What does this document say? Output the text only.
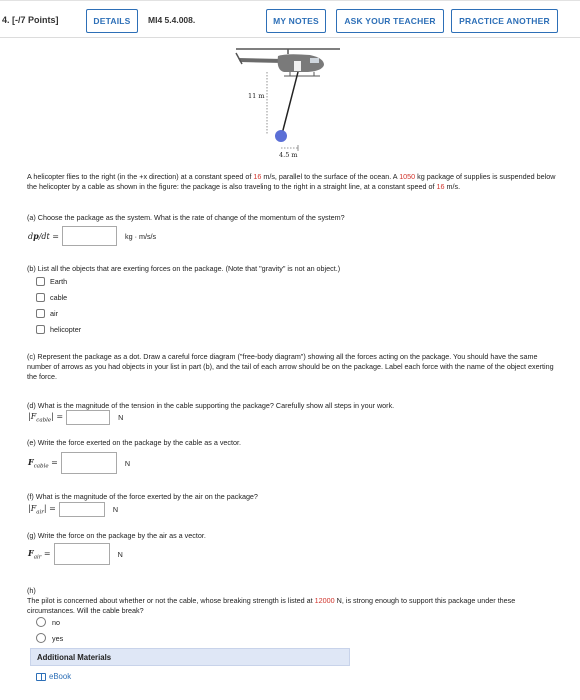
4. [-/7 Points]	DETAILS	MI4 5.4.008.	MY NOTES	ASK YOUR TEACHER	PRACTICE ANOTHER
11 m
4.5 m
A helicopter flies to the right (in the +x direction) at a constant speed of 16 m/s, parallel to the surface of the ocean. A 1050 kg package of supplies is suspended below the helicopter by a cable as shown in the figure: the package is also traveling to the right in a straight line, at a constant speed of 16 m/s.
(a) Choose the package as the system. What is the rate of change of the momentum of the system?
dp/dt =	kg · m/s/s
(b) List all the objects that are exerting forces on the package. (Note that "gravity" is not an object.)
Earth
cable
air
helicopter
(c) Represent the package as a dot. Draw a careful force diagram ("free-body diagram") showing all the forces acting on the package. You should have the same number of arrows as you had objects in your list in part (b), and the tail of each arrow should be on the package. Label each force with the name of the object exerting the force.
(d) What is the magnitude of the tension in the cable supporting the package? Carefully show all steps in your work.
$|F_{cable}|$ =	N
(e) Write the force exerted on the package by the cable as a vector.
$F_{cable}$ =	N
(f) What is the magnitude of the force exerted by the air on the package?
$|F_{air}|$ =	N
(g) Write the force on the package by the air as a vector.
$F_{air}$ =	N
(h)
The pilot is concerned about whether or not the cable, whose breaking strength is listed at 12000 N, is strong enough to support this package under these circumstances. Will the cable break?
no
yes
Additional Materials
eBook
